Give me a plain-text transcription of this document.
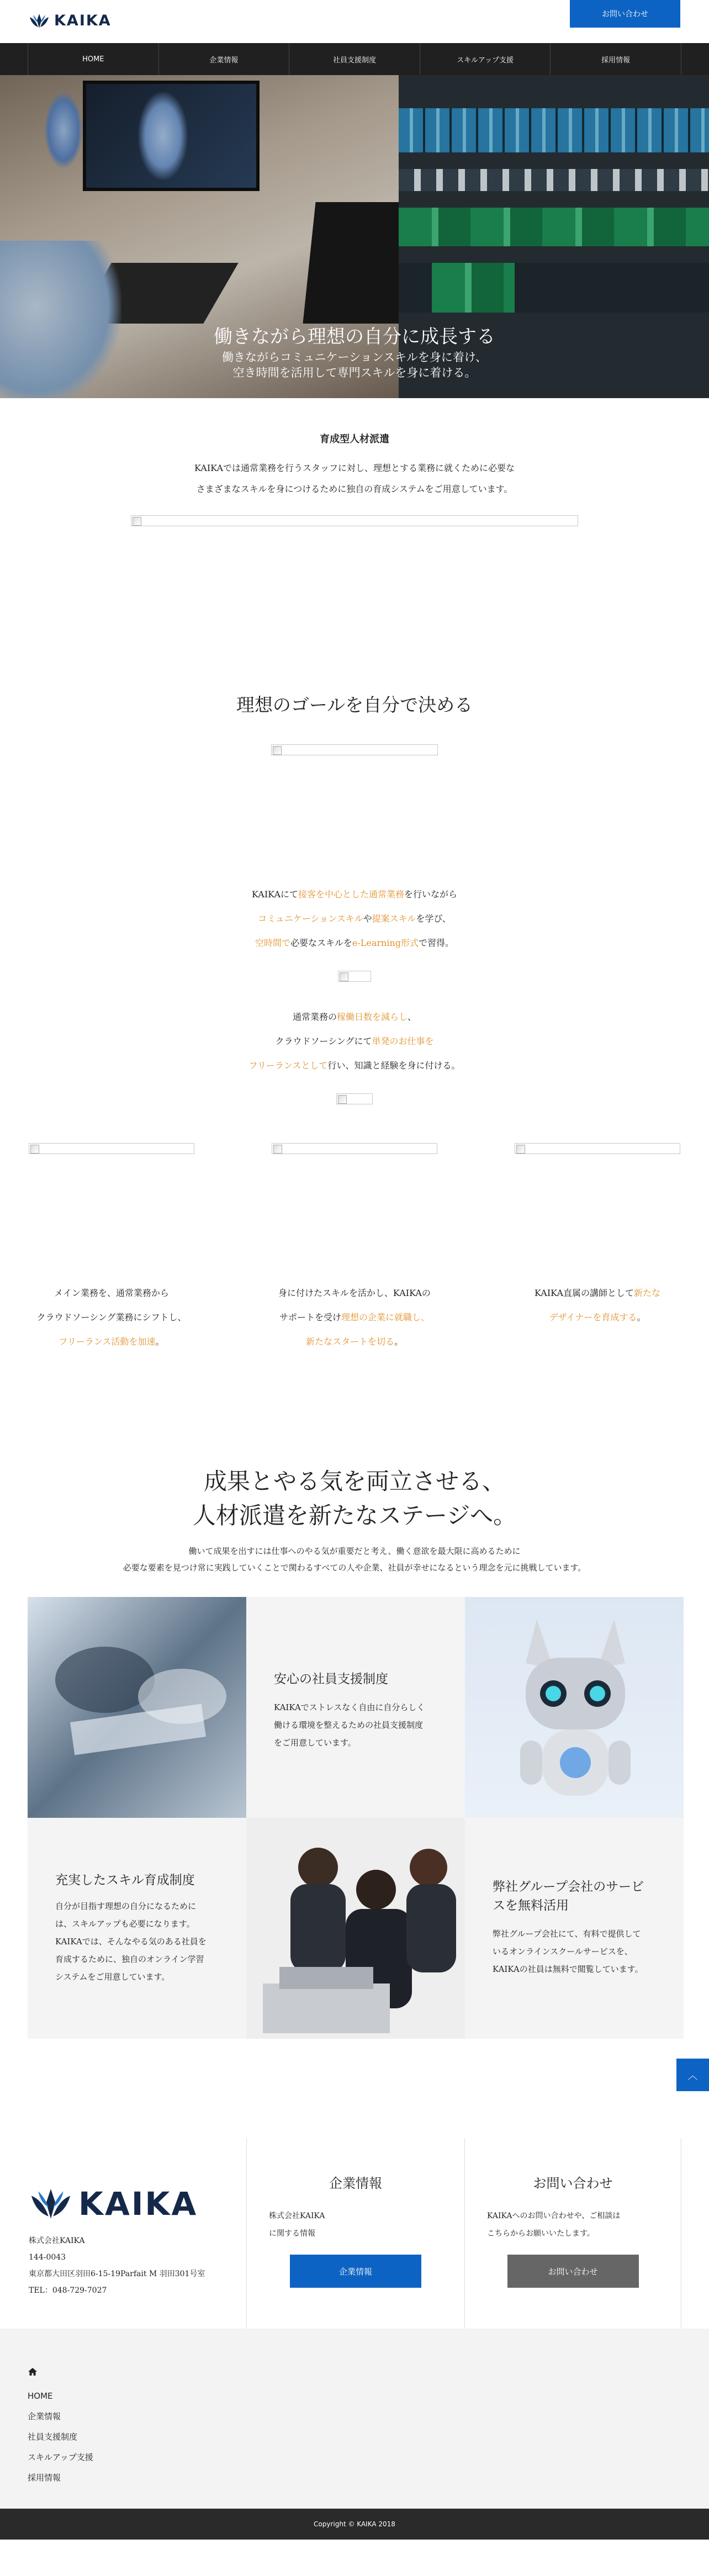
KAIKA	お問い合わせ
HOME	企業情報	社員支援制度	スキルアップ支援	採用情報
働きながら理想の自分に成長する
働きながらコミュニケーションスキルを身に着け、
空き時間を活用して専門スキルを身に着ける。
育成型人材派遣
KAIKAでは通常業務を行うスタッフに対し、理想とする業務に就くために必要な
さまざまなスキルを身につけるために独自の育成システムをご用意しています。
理想のゴールを自分で決める
KAIKAにて接客を中心とした通常業務を行いながら
コミュニケーションスキルや提案スキルを学び、
空時間で必要なスキルをe-Learning形式で習得。
通常業務の稼働日数を減らし、
クラウドソーシングにて単発のお仕事を
フリーランスとして行い、知識と経験を身に付ける。
メイン業務を、通常業務から
クラウドソーシング業務にシフトし、
フリーランス活動を加速。
身に付けたスキルを活かし、KAIKAの
サポートを受け理想の企業に就職し、
新たなスタートを切る。
KAIKA直属の講師として新たな
デザイナーを育成する。
成果とやる気を両立させる、
人材派遣を新たなステージへ。
働いて成果を出すには仕事へのやる気が重要だと考え、働く意欲を最大限に高めるために
必要な要素を見つけ常に実践していくことで関わるすべての人や企業、社員が幸せになるという理念を元に挑戦しています。
安心の社員支援制度
KAIKAでストレスなく自由に自分らしく
働ける環境を整えるための社員支援制度
をご用意しています。
充実したスキル育成制度
自分が目指す理想の自分になるために
は、スキルアップも必要になります。
KAIKAでは、そんなやる気のある社員を
育成するために、独自のオンライン学習
システムをご用意しています。
弊社グループ会社のサービ
スを無料活用
弊社グループ会社にて、有料で提供して
いるオンラインスクールサービスを、
KAIKAの社員は無料で閲覧しています。
︿
KAIKA
株式会社KAIKA
144-0043
東京都大田区羽田6-15-19Parfait M 羽田301号室
TEL：048-729-7027
企業情報
株式会社KAIKA
に関する情報
企業情報
お問い合わせ
KAIKAへのお問い合わせや、ご相談は
こちらからお願いいたします。
お問い合わせ
HOME
企業情報
社員支援制度
スキルアップ支援
採用情報
Copyright © KAIKA 2018
